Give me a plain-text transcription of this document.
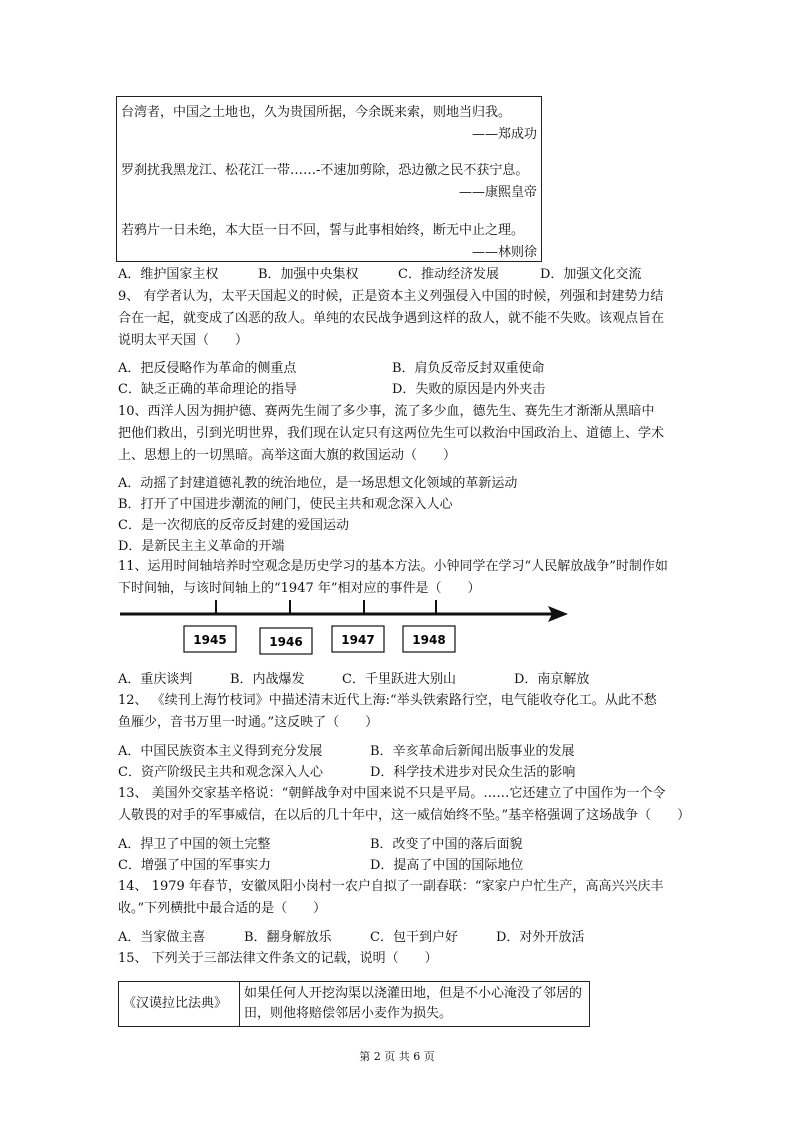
台湾者，中国之土地也，久为贵国所据，今余既来索，则地当归我。
——郑成功
罗刹扰我黑龙江、松花江一带……-不速加剪除，恐边徼之民不获宁息。
——康熙皇帝
若鸦片一日未绝，本大臣一日不回，誓与此事相始终，断无中止之理。
——林则徐
A．维护国家主权	B．加强中央集权	C．推动经济发展	D．加强文化交流
9、 有学者认为，太平天国起义的时候，正是资本主义列强侵入中国的时候，列强和封建势力结
合在一起，就变成了凶恶的敌人。单纯的农民战争遇到这样的敌人，就不能不失败。该观点旨在
说明太平天国（　　）
A．把反侵略作为革命的侧重点	B．肩负反帝反封双重使命
C．缺乏正确的革命理论的指导	D．失败的原因是内外夹击
10、西洋人因为拥护德、赛两先生闹了多少事，流了多少血，德先生、赛先生才渐渐从黑暗中
把他们救出，引到光明世界，我们现在认定只有这两位先生可以救治中国政治上、道德上、学术
上、思想上的一切黑暗。高举这面大旗的救国运动（　　）
A．动摇了封建道德礼教的统治地位，是一场思想文化领域的革新运动
B．打开了中国进步潮流的闸门，使民主共和观念深入人心
C．是一次彻底的反帝反封建的爱国运动
D．是新民主主义革命的开端
11、运用时间轴培养时空观念是历史学习的基本方法。小钟同学在学习“人民解放战争”时制作如
下时间轴，与该时间轴上的“1947 年”相对应的事件是（　　）
1945	1946	1947	1948
A．重庆谈判	B．内战爆发	C．千里跃进大别山	D．南京解放
12、 《续刊上海竹枝词》中描述清末近代上海:“举头铁索路行空，电气能收夺化工。从此不愁
鱼雁少，音书万里一时通。”这反映了（　　）
A．中国民族资本主义得到充分发展	B．辛亥革命后新闻出版事业的发展
C．资产阶级民主共和观念深入人心	D．科学技术进步对民众生活的影响
13、 美国外交家基辛格说：“朝鲜战争对中国来说不只是平局。……它还建立了中国作为一个令
人敬畏的对手的军事威信，在以后的几十年中，这一威信始终不坠。”基辛格强调了这场战争（　　）
A．捍卫了中国的领土完整	B．改变了中国的落后面貌
C．增强了中国的军事实力	D．提高了中国的国际地位
14、 1979 年春节，安徽凤阳小岗村一农户自拟了一副春联：“家家户户忙生产，高高兴兴庆丰
收。”下列横批中最合适的是（　　）
A．当家做主喜	B．翻身解放乐	C．包干到户好	D．对外开放活
15、 下列关于三部法律文件条文的记载，说明（　　）
《汉谟拉比法典》	如果任何人开挖沟渠以浇灌田地，但是不小心淹没了邻居的田，则他将赔偿邻居小麦作为损失。
第 2 页 共 6 页
